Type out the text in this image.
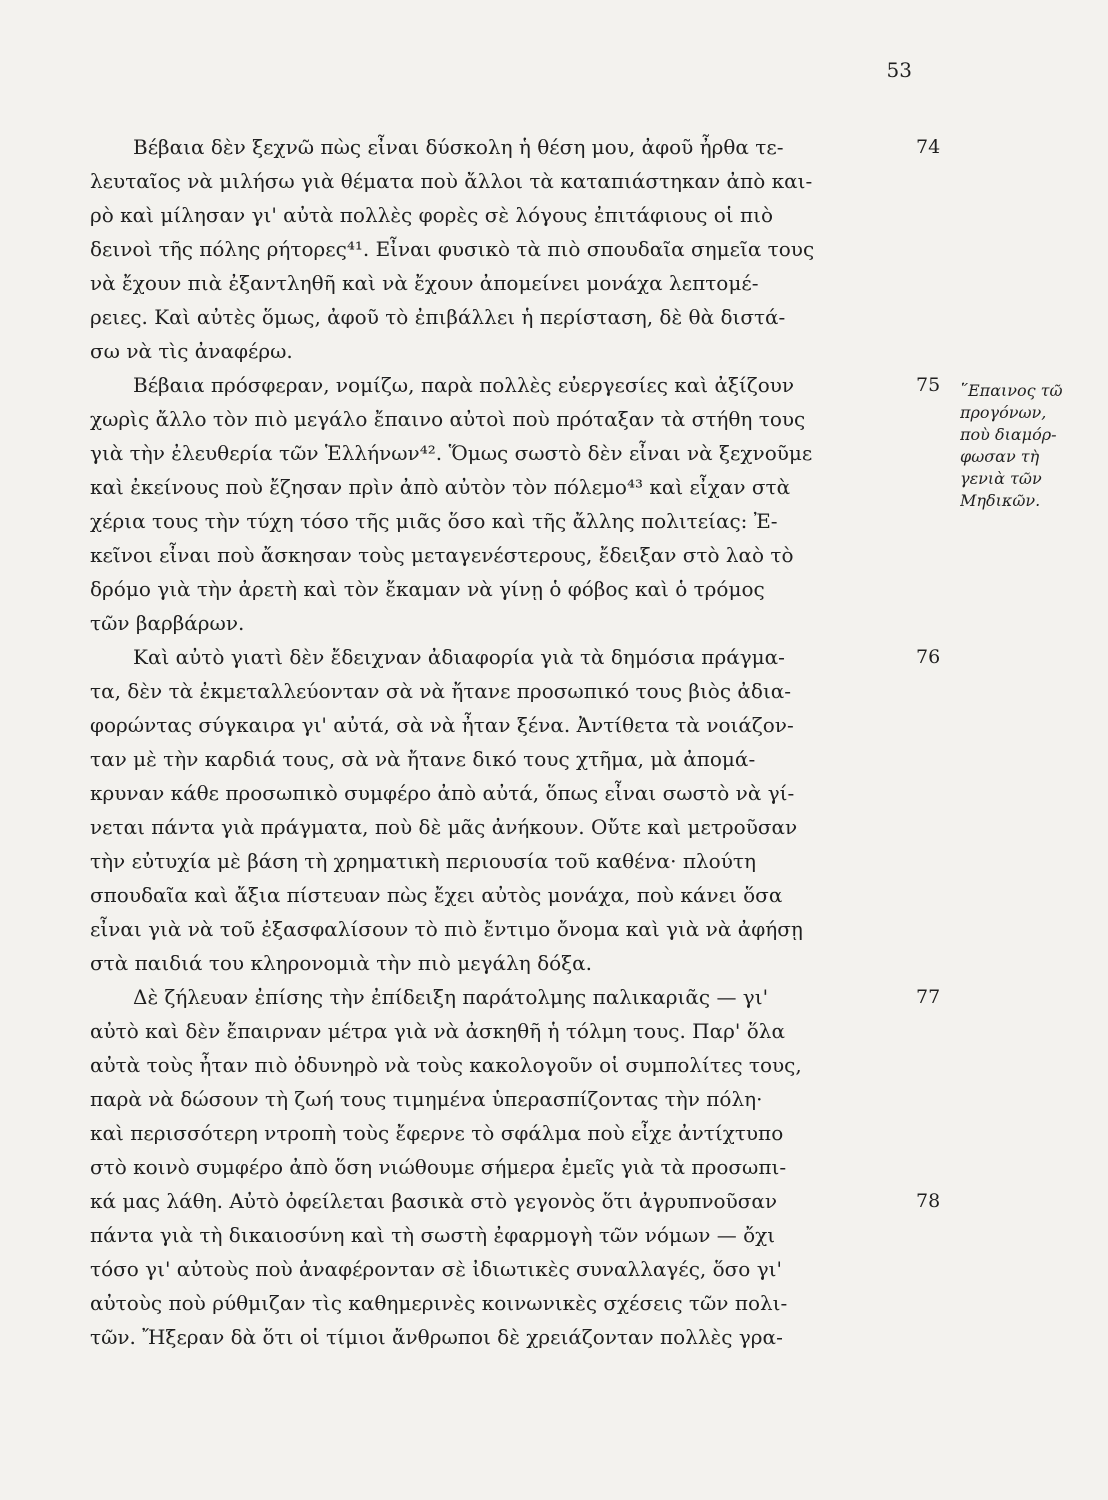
53
Βέβαια δὲν ξεχνῶ πὼς εἶναι δύσκολη ἡ θέση μου, ἀφοῦ ἦρθα τε-	74
λευταῖος νὰ μιλήσω γιὰ θέματα ποὺ ἄλλοι τὰ καταπιάστηκαν ἀπὸ και-
ρὸ καὶ μίλησαν γι' αὐτὰ πολλὲς φορὲς σὲ λόγους ἐπιτάφιους οἱ πιὸ
δεινοὶ τῆς πόλης ρήτορες⁴¹. Εἶναι φυσικὸ τὰ πιὸ σπουδαῖα σημεῖα τους
νὰ ἔχουν πιὰ ἐξαντληθῆ καὶ νὰ ἔχουν ἀπομείνει μονάχα λεπτομέ-
ρειες. Καὶ αὐτὲς ὅμως, ἀφοῦ τὸ ἐπιβάλλει ἡ περίσταση, δὲ θὰ διστά-
σω νὰ τὶς ἀναφέρω.
Βέβαια πρόσφεραν, νομίζω, παρὰ πολλὲς εὐεργεσίες καὶ ἀξίζουν	75
χωρὶς ἄλλο τὸν πιὸ μεγάλο ἔπαινο αὐτοὶ ποὺ πρόταξαν τὰ στήθη τους
γιὰ τὴν ἐλευθερία τῶν Ἑλλήνων⁴². Ὅμως σωστὸ δὲν εἶναι νὰ ξεχνοῦμε
καὶ ἐκείνους ποὺ ἔζησαν πρὶν ἀπὸ αὐτὸν τὸν πόλεμο⁴³ καὶ εἶχαν στὰ
χέρια τους τὴν τύχη τόσο τῆς μιᾶς ὅσο καὶ τῆς ἄλλης πολιτείας: Ἐ-
κεῖνοι εἶναι ποὺ ἄσκησαν τοὺς μεταγενέστερους, ἔδειξαν στὸ λαὸ τὸ
δρόμο γιὰ τὴν ἀρετὴ καὶ τὸν ἔκαμαν νὰ γίνῃ ὁ φόβος καὶ ὁ τρόμος
τῶν βαρβάρων.
Καὶ αὐτὸ γιατὶ δὲν ἔδειχναν ἀδιαφορία γιὰ τὰ δημόσια πράγμα-	76
τα, δὲν τὰ ἐκμεταλλεύονταν σὰ νὰ ἤτανε προσωπικό τους βιὸς ἀδια-
φορώντας σύγκαιρα γι' αὐτά, σὰ νὰ ἦταν ξένα. Ἀντίθετα τὰ νοιάζον-
ταν μὲ τὴν καρδιά τους, σὰ νὰ ἤτανε δικό τους χτῆμα, μὰ ἀπομά-
κρυναν κάθε προσωπικὸ συμφέρο ἀπὸ αὐτά, ὅπως εἶναι σωστὸ νὰ γί-
νεται πάντα γιὰ πράγματα, ποὺ δὲ μᾶς ἀνήκουν. Οὔτε καὶ μετροῦσαν
τὴν εὐτυχία μὲ βάση τὴ χρηματικὴ περιουσία τοῦ καθένα· πλούτη
σπουδαῖα καὶ ἄξια πίστευαν πὼς ἔχει αὐτὸς μονάχα, ποὺ κάνει ὅσα
εἶναι γιὰ νὰ τοῦ ἐξασφαλίσουν τὸ πιὸ ἔντιμο ὄνομα καὶ γιὰ νὰ ἀφήσῃ
στὰ παιδιά του κληρονομιὰ τὴν πιὸ μεγάλη δόξα.
Δὲ ζήλευαν ἐπίσης τὴν ἐπίδειξη παράτολμης παλικαριᾶς — γι'	77
αὐτὸ καὶ δὲν ἔπαιρναν μέτρα γιὰ νὰ ἀσκηθῆ ἡ τόλμη τους. Παρ' ὅλα
αὐτὰ τοὺς ἦταν πιὸ ὀδυνηρὸ νὰ τοὺς κακολογοῦν οἱ συμπολίτες τους,
παρὰ νὰ δώσουν τὴ ζωή τους τιμημένα ὑπερασπίζοντας τὴν πόλη·
καὶ περισσότερη ντροπὴ τοὺς ἔφερνε τὸ σφάλμα ποὺ εἶχε ἀντίχτυπο
στὸ κοινὸ συμφέρο ἀπὸ ὅση νιώθουμε σήμερα ἐμεῖς γιὰ τὰ προσωπι-
κά μας λάθη. Αὐτὸ ὀφείλεται βασικὰ στὸ γεγονὸς ὅτι ἀγρυπνοῦσαν	78
πάντα γιὰ τὴ δικαιοσύνη καὶ τὴ σωστὴ ἐφαρμογὴ τῶν νόμων — ὄχι
τόσο γι' αὐτοὺς ποὺ ἀναφέρονταν σὲ ἰδιωτικὲς συναλλαγές, ὅσο γι'
αὐτοὺς ποὺ ρύθμιζαν τὶς καθημερινὲς κοινωνικὲς σχέσεις τῶν πολι-
τῶν. Ἤξεραν δὰ ὅτι οἱ τίμιοι ἄνθρωποι δὲ χρειάζονταν πολλὲς γρα-
῞Επαινος τῶ
προγόνων,
ποὺ διαμόρ-
φωσαν τὴ
γενιὰ τῶν
Μηδικῶν.
